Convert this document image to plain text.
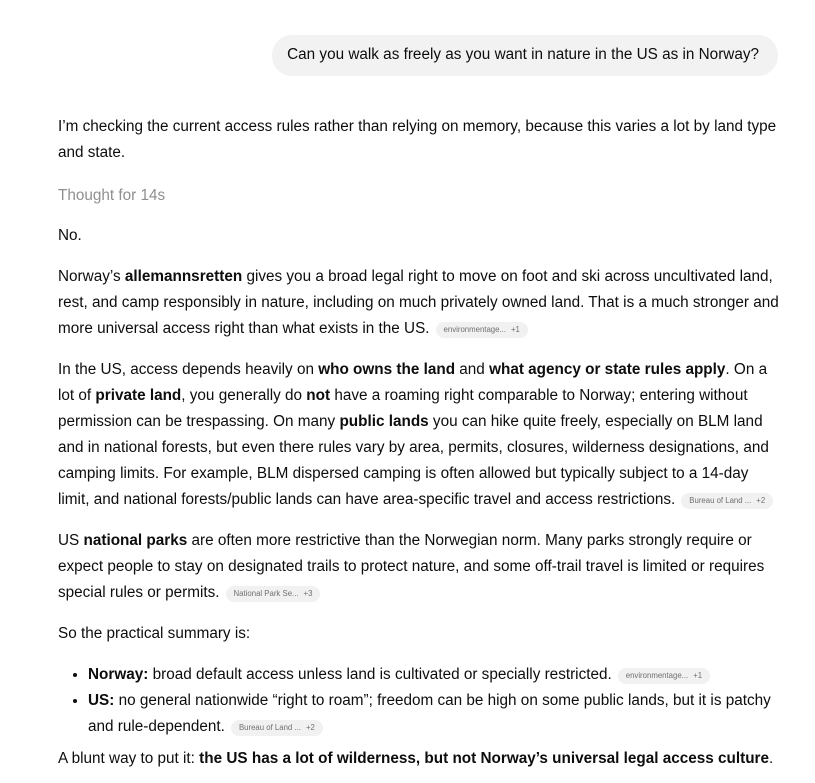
Can you walk as freely as you want in nature in the US as in Norway?

I’m checking the current access rules rather than relying on memory, because this varies a lot by land type and state.

Thought for 14s

No.

Norway’s allemannsretten gives you a broad legal right to move on foot and ski across uncultivated land, rest, and camp responsibly in nature, including on much privately owned land. That is a much stronger and more universal access right than what exists in the US. environmentage... +1

In the US, access depends heavily on who owns the land and what agency or state rules apply. On a lot of private land, you generally do not have a roaming right comparable to Norway; entering without permission can be trespassing. On many public lands you can hike quite freely, especially on BLM land and in national forests, but even there rules vary by area, permits, closures, wilderness designations, and camping limits. For example, BLM dispersed camping is often allowed but typically subject to a 14-day limit, and national forests/public lands can have area-specific travel and access restrictions. Bureau of Land ... +2

US national parks are often more restrictive than the Norwegian norm. Many parks strongly require or expect people to stay on designated trails to protect nature, and some off-trail travel is limited or requires special rules or permits. National Park Se... +3

So the practical summary is:

• Norway: broad default access unless land is cultivated or specially restricted. environmentage... +1
• US: no general nationwide “right to roam”; freedom can be high on some public lands, but it is patchy and rule-dependent. Bureau of Land ... +2

A blunt way to put it: the US has a lot of wilderness, but not Norway’s universal legal access culture.
